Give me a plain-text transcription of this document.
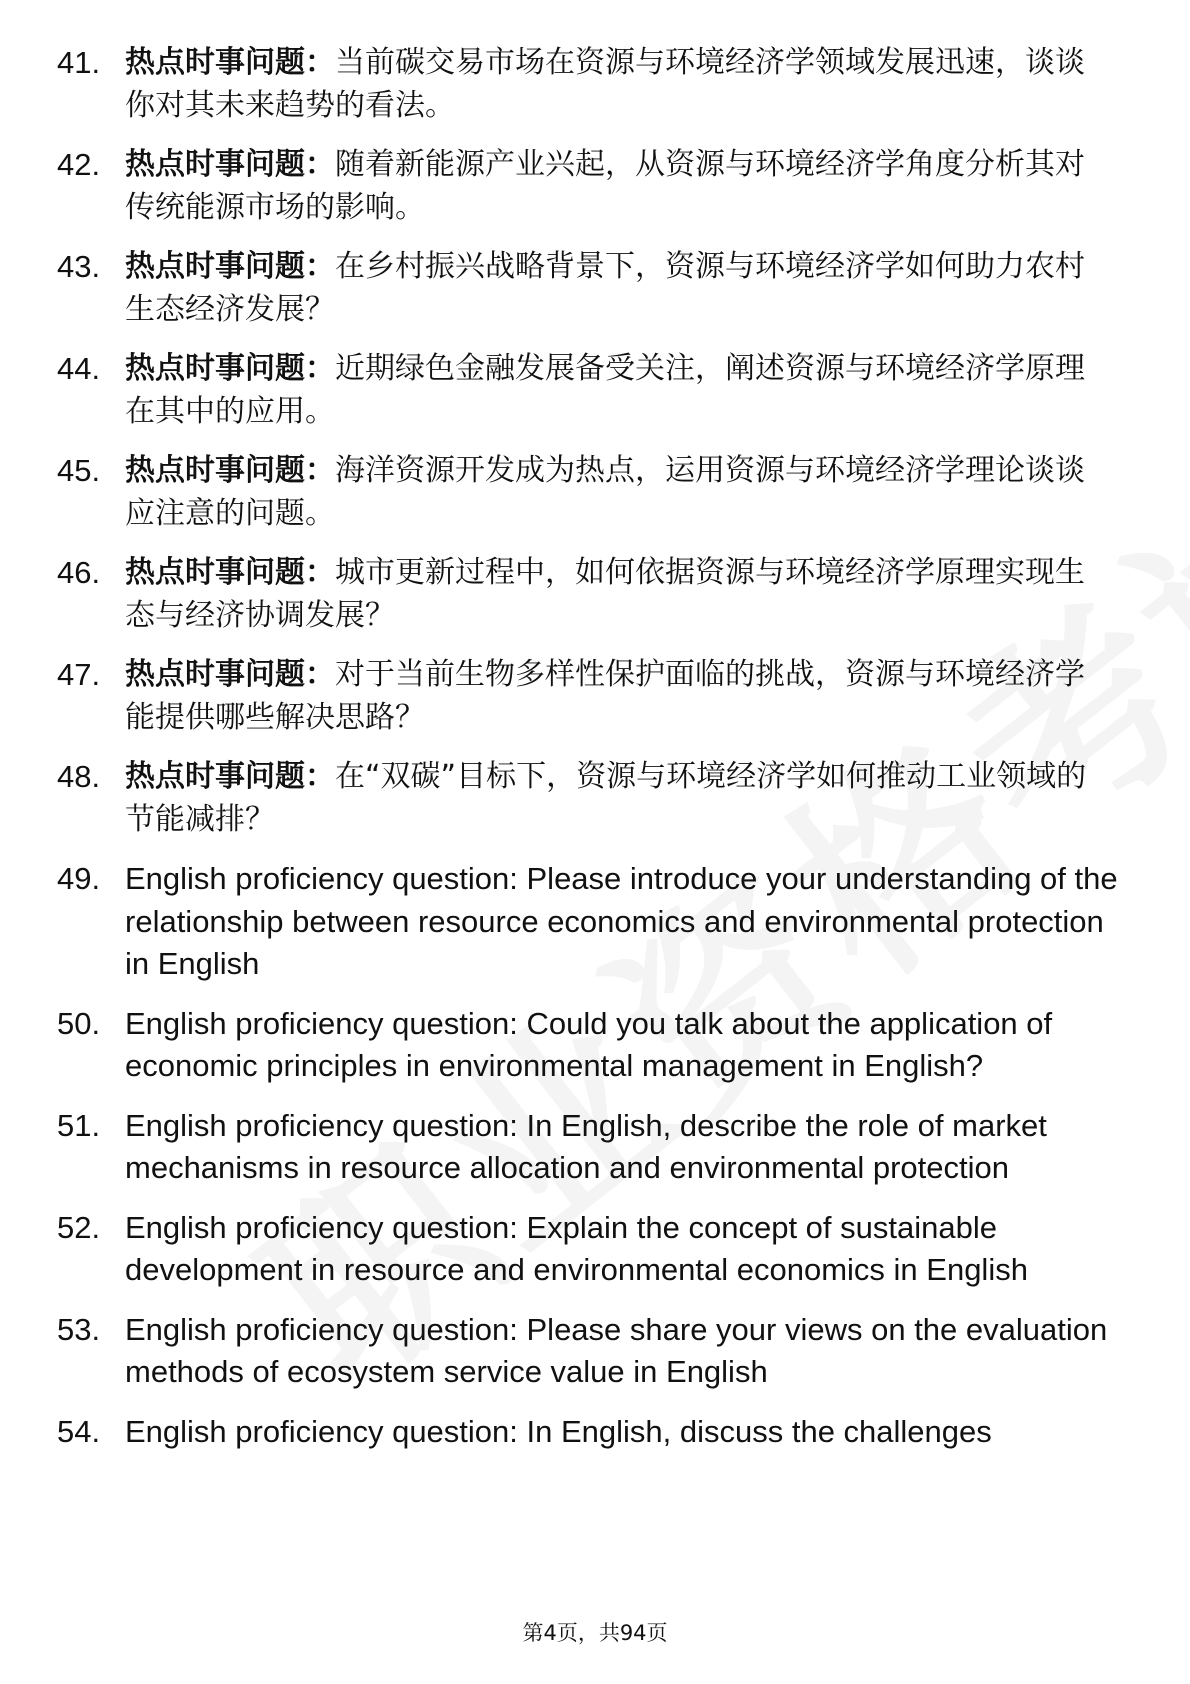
41. 热点时事问题：当前碳交易市场在资源与环境经济学领域发展迅速，谈谈你对其未来趋势的看法。
42. 热点时事问题：随着新能源产业兴起，从资源与环境经济学角度分析其对传统能源市场的影响。
43. 热点时事问题：在乡村振兴战略背景下，资源与环境经济学如何助力农村生态经济发展？
44. 热点时事问题：近期绿色金融发展备受关注，阐述资源与环境经济学原理在其中的应用。
45. 热点时事问题：海洋资源开发成为热点，运用资源与环境经济学理论谈谈应注意的问题。
46. 热点时事问题：城市更新过程中，如何依据资源与环境经济学原理实现生态与经济协调发展？
47. 热点时事问题：对于当前生物多样性保护面临的挑战，资源与环境经济学能提供哪些解决思路？
48. 热点时事问题：在“双碳”目标下，资源与环境经济学如何推动工业领域的节能减排？
49. English proficiency question: Please introduce your understanding of the relationship between resource economics and environmental protection in English
50. English proficiency question: Could you talk about the application of economic principles in environmental management in English?
51. English proficiency question: In English, describe the role of market mechanisms in resource allocation and environmental protection
52. English proficiency question: Explain the concept of sustainable development in resource and environmental economics in English
53. English proficiency question: Please share your views on the evaluation methods of ecosystem service value in English
54. English proficiency question: In English, discuss the challenges
第4页，共94页
